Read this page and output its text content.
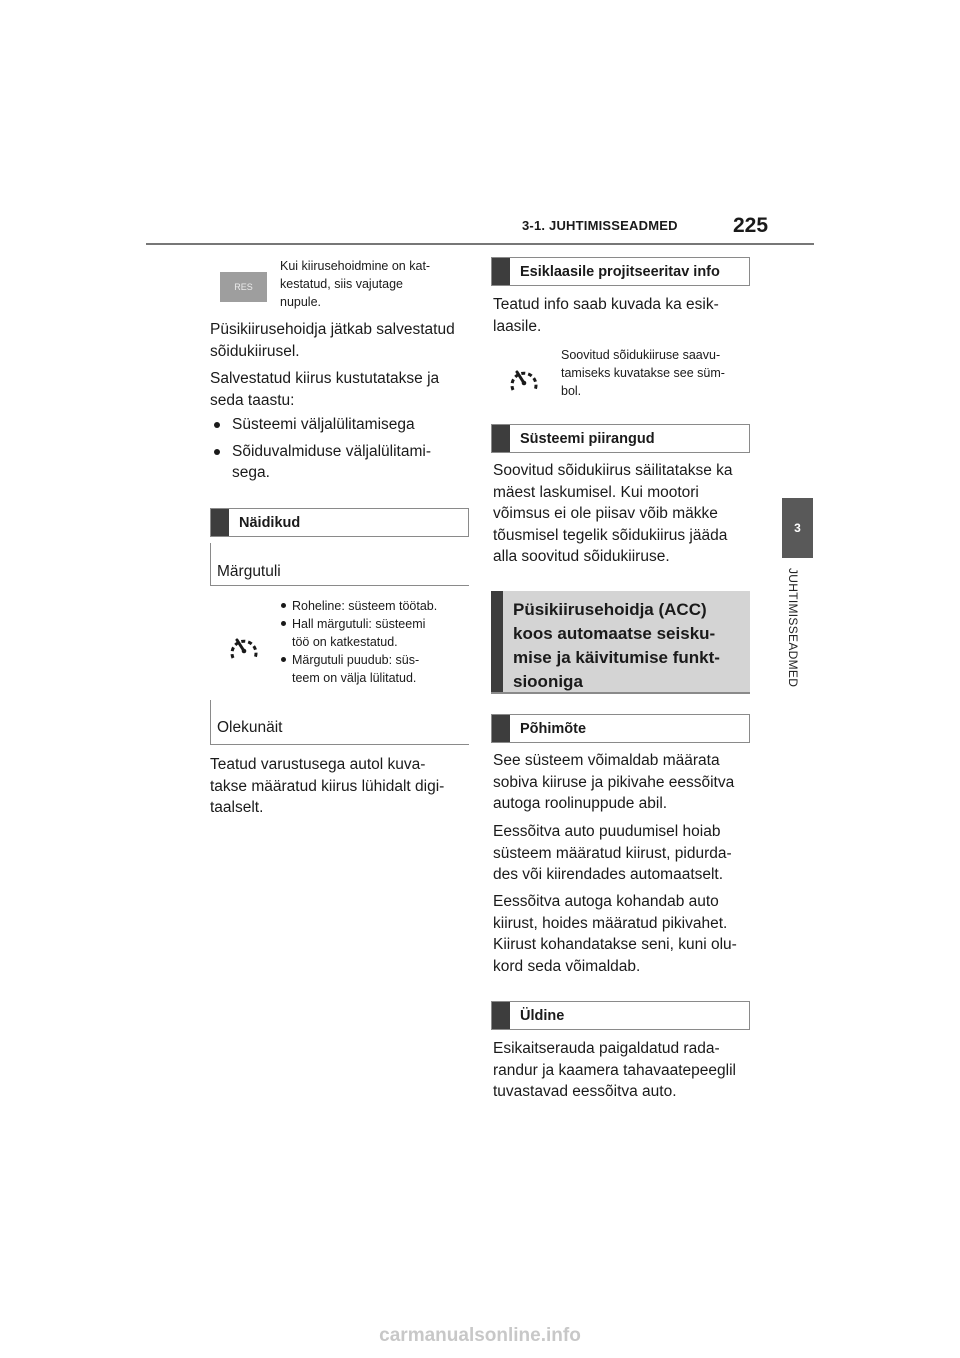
3-1. JUHTIMISSEADMED	225
3
JUHTIMISSEADMED
RES
Kui kiirusehoidmine on kat-
kestatud, siis vajutage
nupule.
Püsikiirusehoidja jätkab salvestatud sõidukiirusel.
Salvestatud kiirus kustutatakse ja seda taastu:
Süsteemi väljalülitamisega
Sõiduvalmiduse väljalülitami-
sega.
Näidikud
Märgutuli
Roheline: süsteem töötab.
Hall märgutuli: süsteemi
töö on katkestatud.
Märgutuli puudub: süs-
teem on välja lülitatud.
Olekunäit
Teatud varustusega autol kuva-
takse määratud kiirus lühidalt digi-
taalselt.
Esiklaasile projitseeritav info
Teatud info saab kuvada ka esik-
laasile.
Soovitud sõidukiiruse saavu-
tamiseks kuvatakse see süm-
bol.
Süsteemi piirangud
Soovitud sõidukiirus säilitatakse ka
mäest laskumisel. Kui mootori
võimsus ei ole piisav võib mäkke
tõusmisel tegelik sõidukiirus jääda
alla soovitud sõidukiiruse.
Püsikiirusehoidja (ACC)
koos automaatse seisku-
mise ja käivitumise funkt-
siooniga
Põhimõte
See süsteem võimaldab määrata
sobiva kiiruse ja pikivahe eessõitva
autoga roolinuppude abil.
Eessõitva auto puudumisel hoiab
süsteem määratud kiirust, pidurda-
des või kiirendades automaatselt.
Eessõitva autoga kohandab auto
kiirust, hoides määratud pikivahet.
Kiirust kohandatakse seni, kuni olu-
kord seda võimaldab.
Üldine
Esikaitserauda paigaldatud rada-
randur ja kaamera tahavaatepeeglil
tuvastavad eessõitva auto.
carmanualsonline.info
